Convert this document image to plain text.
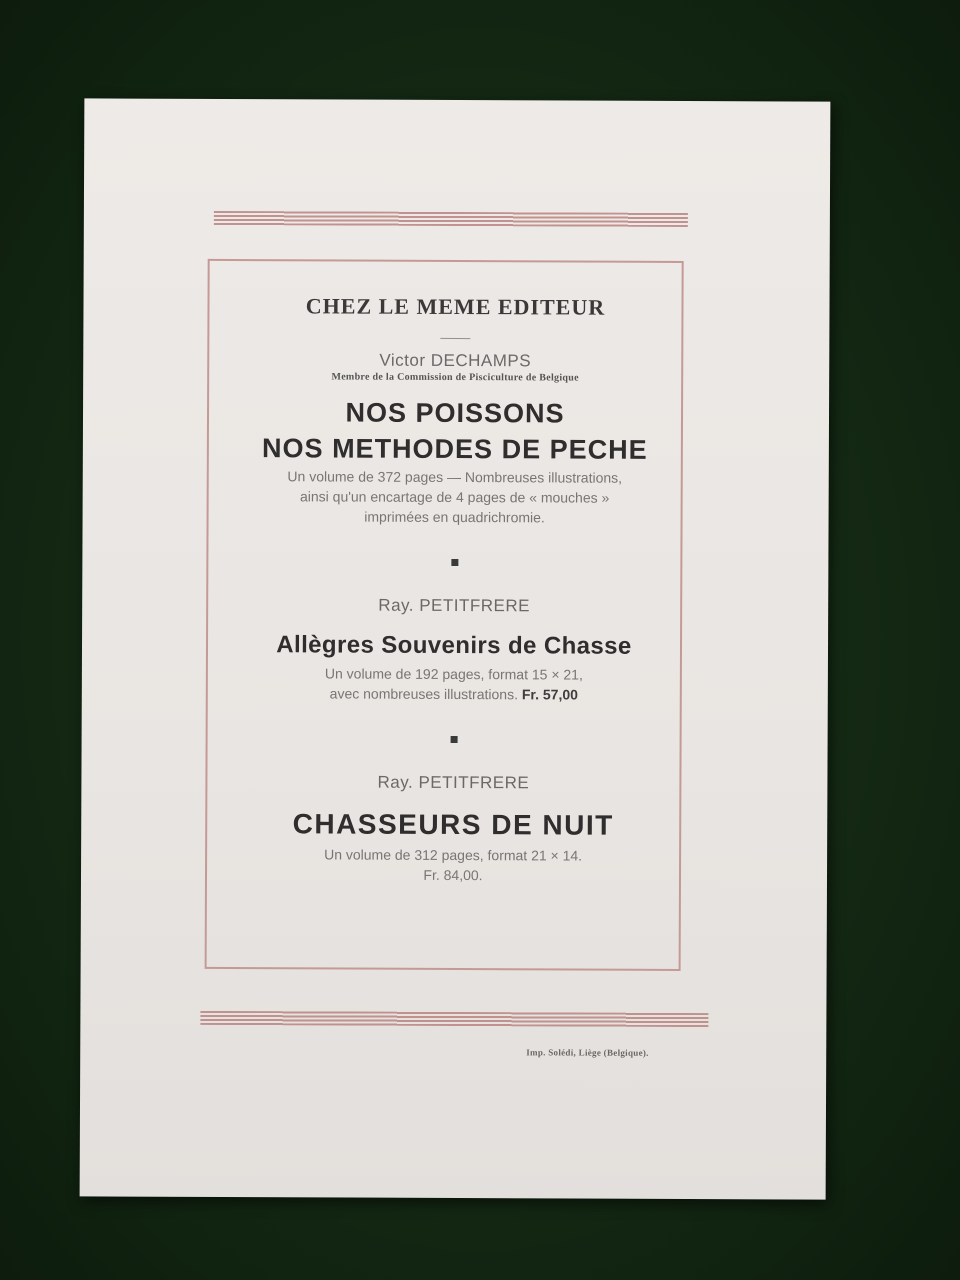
CHEZ LE MEME EDITEUR
Victor DECHAMPS
Membre de la Commission de Pisciculture de Belgique
NOS POISSONS
NOS METHODES DE PECHE
Un volume de 372 pages — Nombreuses illustrations,
ainsi qu'un encartage de 4 pages de « mouches »
imprimées en quadrichromie.
Ray. PETITFRERE
Allègres Souvenirs de Chasse
Un volume de 192 pages, format 15 × 21,
avec nombreuses illustrations. Fr. 57,00
Ray. PETITFRERE
CHASSEURS DE NUIT
Un volume de 312 pages, format 21 × 14.
Fr. 84,00.
Imp. Solédi, Liège (Belgique).
